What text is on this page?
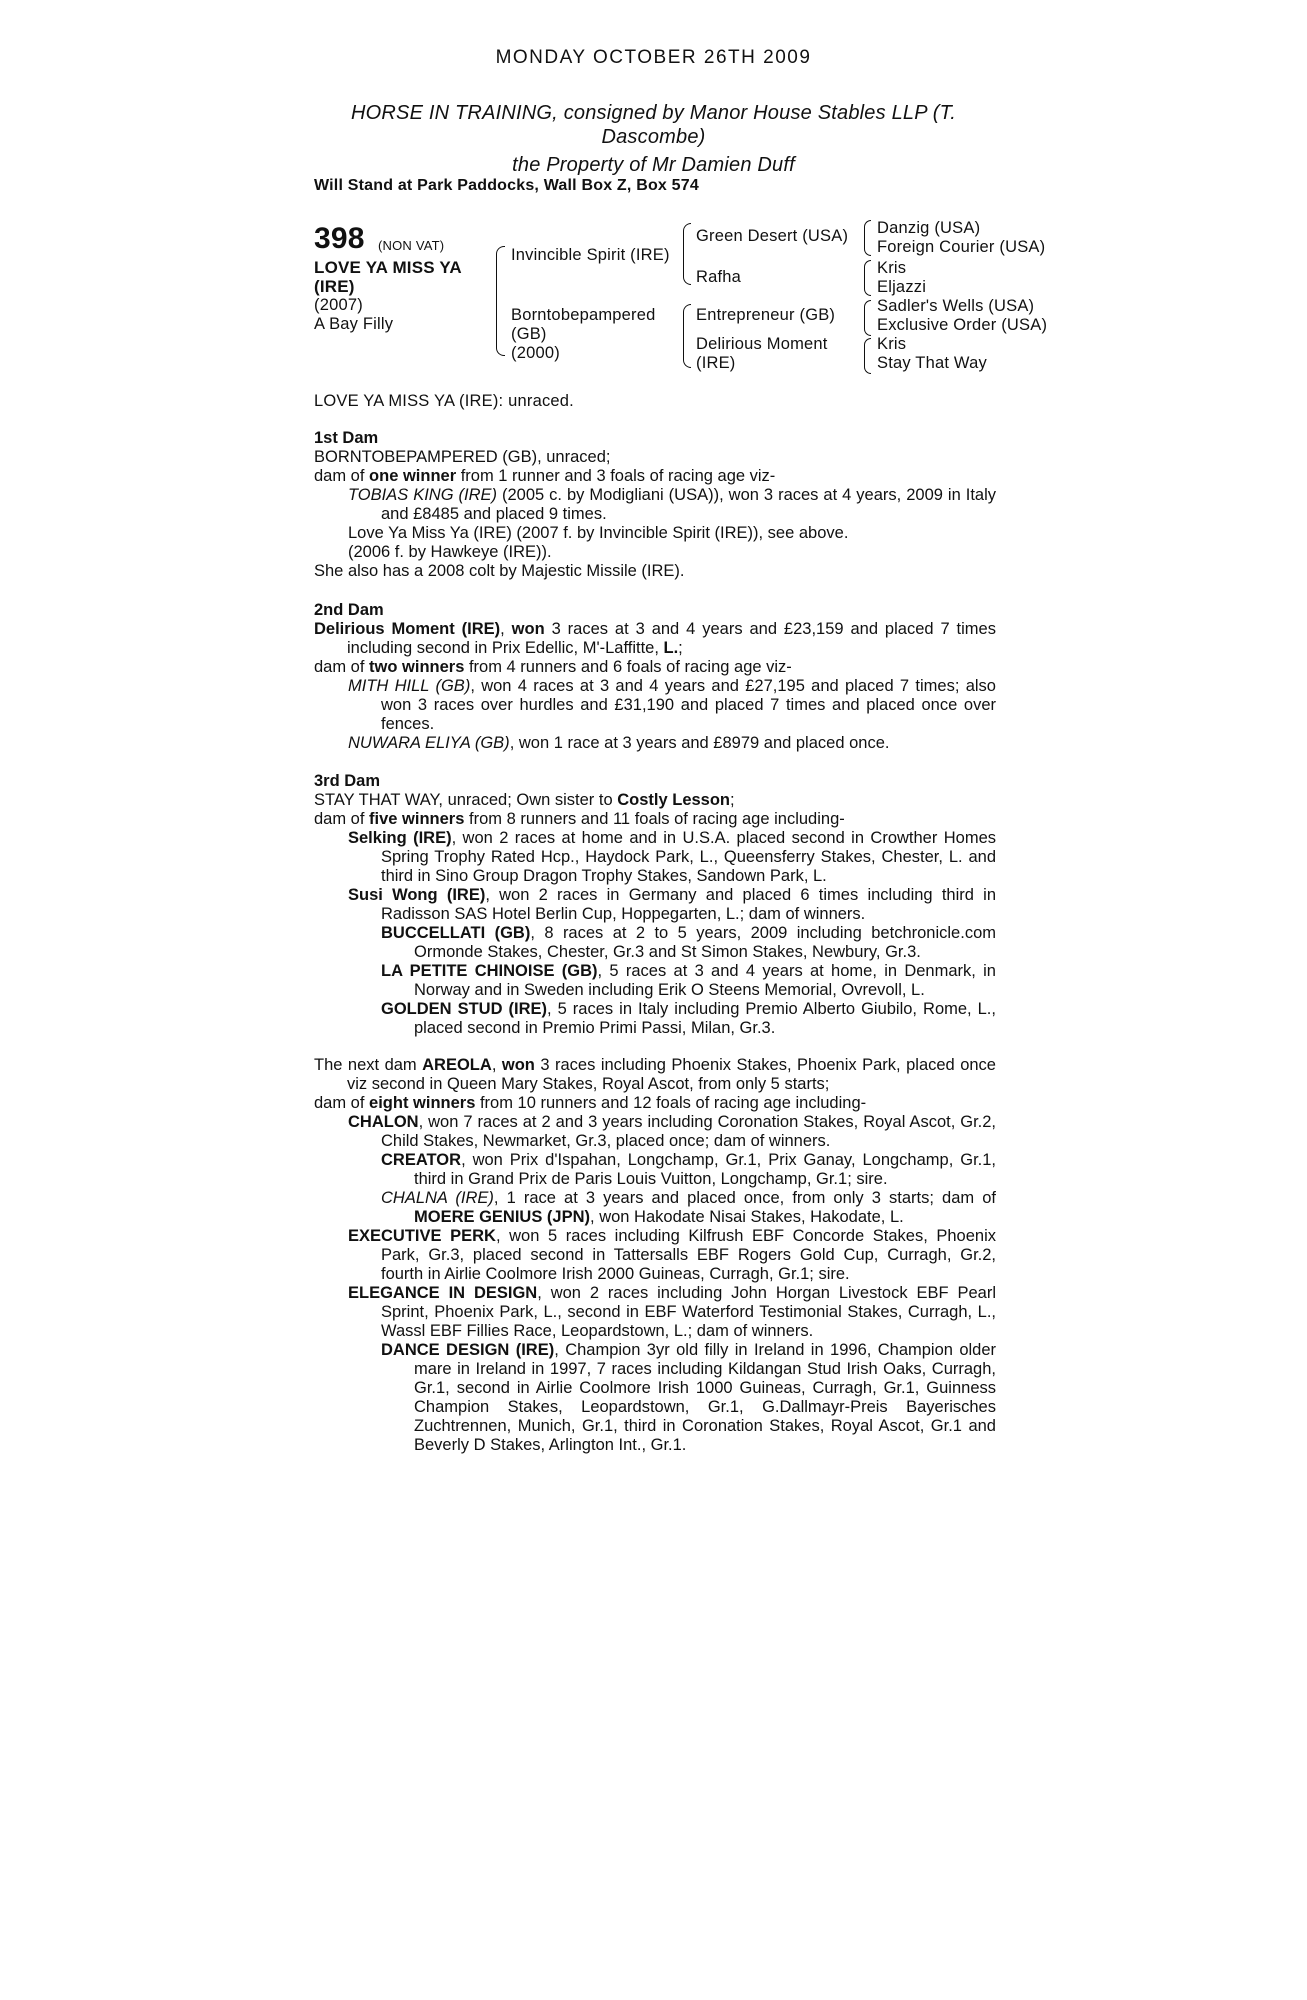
MONDAY OCTOBER 26TH 2009
HORSE IN TRAINING, consigned by Manor House Stables LLP (T.
Dascombe)
the Property of Mr Damien Duff
Will Stand at Park Paddocks, Wall Box Z, Box 574
398 (NON VAT)
LOVE YA MISS YA
(IRE)
(2007)
A Bay Filly
Invincible Spirit (IRE)
Borntobepampered
(GB)
(2000)
Green Desert (USA)
Rafha
Entrepreneur (GB)
Delirious Moment
(IRE)
Danzig (USA)
Foreign Courier (USA)
Kris
Eljazzi
Sadler's Wells (USA)
Exclusive Order (USA)
Kris
Stay That Way
LOVE YA MISS YA (IRE): unraced.

1st Dam

BORNTOBEPAMPERED (GB), unraced;

dam of one winner from 1 runner and 3 foals of racing age viz-

TOBIAS KING (IRE) (2005 c. by Modigliani (USA)), won 3 races at 4 years, 2009 in Italy and £8485 and placed 9 times.

Love Ya Miss Ya (IRE) (2007 f. by Invincible Spirit (IRE)), see above.

(2006 f. by Hawkeye (IRE)).

She also has a 2008 colt by Majestic Missile (IRE).

2nd Dam

Delirious Moment (IRE), won 3 races at 3 and 4 years and £23,159 and placed 7 times including second in Prix Edellic, M'-Laffitte, L.;

dam of two winners from 4 runners and 6 foals of racing age viz-

MITH HILL (GB), won 4 races at 3 and 4 years and £27,195 and placed 7 times; also won 3 races over hurdles and £31,190 and placed 7 times and placed once over fences.

NUWARA ELIYA (GB), won 1 race at 3 years and £8979 and placed once.

3rd Dam

STAY THAT WAY, unraced; Own sister to Costly Lesson;

dam of five winners from 8 runners and 11 foals of racing age including-

Selking (IRE), won 2 races at home and in U.S.A. placed second in Crowther Homes Spring Trophy Rated Hcp., Haydock Park, L., Queensferry Stakes, Chester, L. and third in Sino Group Dragon Trophy Stakes, Sandown Park, L.

Susi Wong (IRE), won 2 races in Germany and placed 6 times including third in Radisson SAS Hotel Berlin Cup, Hoppegarten, L.; dam of winners.

BUCCELLATI (GB), 8 races at 2 to 5 years, 2009 including betchronicle.com Ormonde Stakes, Chester, Gr.3 and St Simon Stakes, Newbury, Gr.3.

LA PETITE CHINOISE (GB), 5 races at 3 and 4 years at home, in Denmark, in Norway and in Sweden including Erik O Steens Memorial, Ovrevoll, L.

GOLDEN STUD (IRE), 5 races in Italy including Premio Alberto Giubilo, Rome, L., placed second in Premio Primi Passi, Milan, Gr.3.

The next dam AREOLA, won 3 races including Phoenix Stakes, Phoenix Park, placed once viz second in Queen Mary Stakes, Royal Ascot, from only 5 starts;

dam of eight winners from 10 runners and 12 foals of racing age including-

CHALON, won 7 races at 2 and 3 years including Coronation Stakes, Royal Ascot, Gr.2, Child Stakes, Newmarket, Gr.3, placed once; dam of winners.

CREATOR, won Prix d'Ispahan, Longchamp, Gr.1, Prix Ganay, Longchamp, Gr.1, third in Grand Prix de Paris Louis Vuitton, Longchamp, Gr.1; sire.

CHALNA (IRE), 1 race at 3 years and placed once, from only 3 starts; dam of MOERE GENIUS (JPN), won Hakodate Nisai Stakes, Hakodate, L.

EXECUTIVE PERK, won 5 races including Kilfrush EBF Concorde Stakes, Phoenix Park, Gr.3, placed second in Tattersalls EBF Rogers Gold Cup, Curragh, Gr.2, fourth in Airlie Coolmore Irish 2000 Guineas, Curragh, Gr.1; sire.

ELEGANCE IN DESIGN, won 2 races including John Horgan Livestock EBF Pearl Sprint, Phoenix Park, L., second in EBF Waterford Testimonial Stakes, Curragh, L., Wassl EBF Fillies Race, Leopardstown, L.; dam of winners.

DANCE DESIGN (IRE), Champion 3yr old filly in Ireland in 1996, Champion older mare in Ireland in 1997, 7 races including Kildangan Stud Irish Oaks, Curragh, Gr.1, second in Airlie Coolmore Irish 1000 Guineas, Curragh, Gr.1, Guinness Champion Stakes, Leopardstown, Gr.1, G.Dallmayr-Preis Bayerisches Zuchtrennen, Munich, Gr.1, third in Coronation Stakes, Royal Ascot, Gr.1 and Beverly D Stakes, Arlington Int., Gr.1.
